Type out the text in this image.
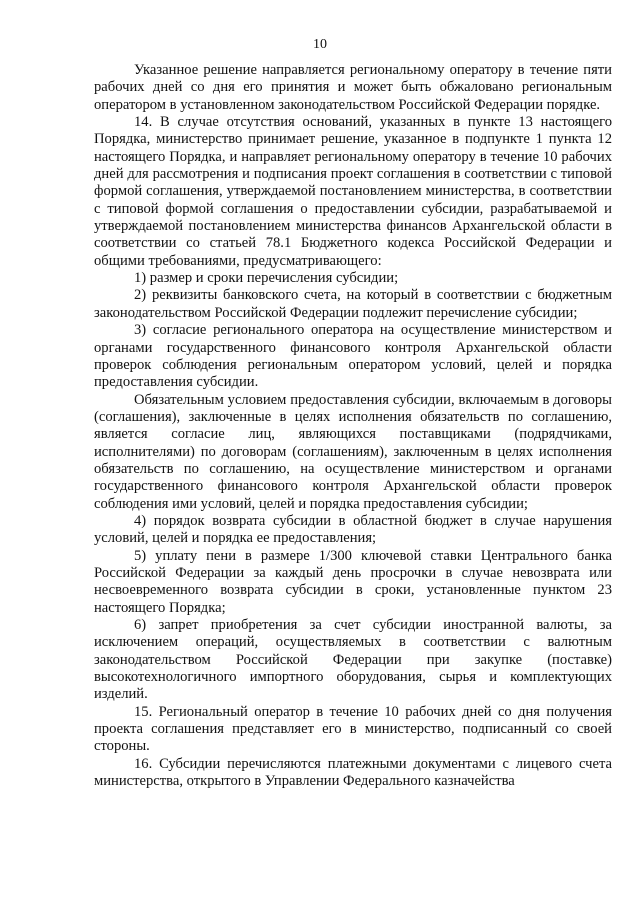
10

Указанное решение направляется региональному оператору в течение пяти рабочих дней со дня его принятия и может быть обжаловано региональным оператором в установленном законодательством Российской Федерации порядке.

14. В случае отсутствия оснований, указанных в пункте 13 настоящего Порядка, министерство принимает решение, указанное в подпункте 1 пункта 12 настоящего Порядка, и направляет региональному оператору в течение 10 рабочих дней для рассмотрения и подписания проект соглашения в соответствии с типовой формой соглашения, утверждаемой постановлением министерства, в соответствии с типовой формой соглашения о предоставлении субсидии, разрабатываемой и утверждаемой постановлением министерства финансов Архангельской области в соответствии со статьей 78.1 Бюджетного кодекса Российской Федерации и общими требованиями, предусматривающего:

1) размер и сроки перечисления субсидии;

2) реквизиты банковского счета, на который в соответствии с бюджетным законодательством Российской Федерации подлежит перечисление субсидии;

3) согласие регионального оператора на осуществление министерством и органами государственного финансового контроля Архангельской области проверок соблюдения региональным оператором условий, целей и порядка предоставления субсидии.

Обязательным условием предоставления субсидии, включаемым в договоры (соглашения), заключенные в целях исполнения обязательств по соглашению, является согласие лиц, являющихся поставщиками (подрядчиками, исполнителями) по договорам (соглашениям), заключенным в целях исполнения обязательств по соглашению, на осуществление министерством и органами государственного финансового контроля Архангельской области проверок соблюдения ими условий, целей и порядка предоставления субсидии;

4) порядок возврата субсидии в областной бюджет в случае нарушения условий, целей и порядка ее предоставления;

5) уплату пени в размере 1/300 ключевой ставки Центрального банка Российской Федерации за каждый день просрочки в случае невозврата или несвоевременного возврата субсидии в сроки, установленные пунктом 23 настоящего Порядка;

6) запрет приобретения за счет субсидии иностранной валюты, за исключением операций, осуществляемых в соответствии с валютным законодательством Российской Федерации при закупке (поставке) высокотехнологичного импортного оборудования, сырья и комплектующих изделий.

15. Региональный оператор в течение 10 рабочих дней со дня получения проекта соглашения представляет его в министерство, подписанный со своей стороны.

16. Субсидии перечисляются платежными документами с лицевого счета министерства, открытого в Управлении Федерального казначейства
